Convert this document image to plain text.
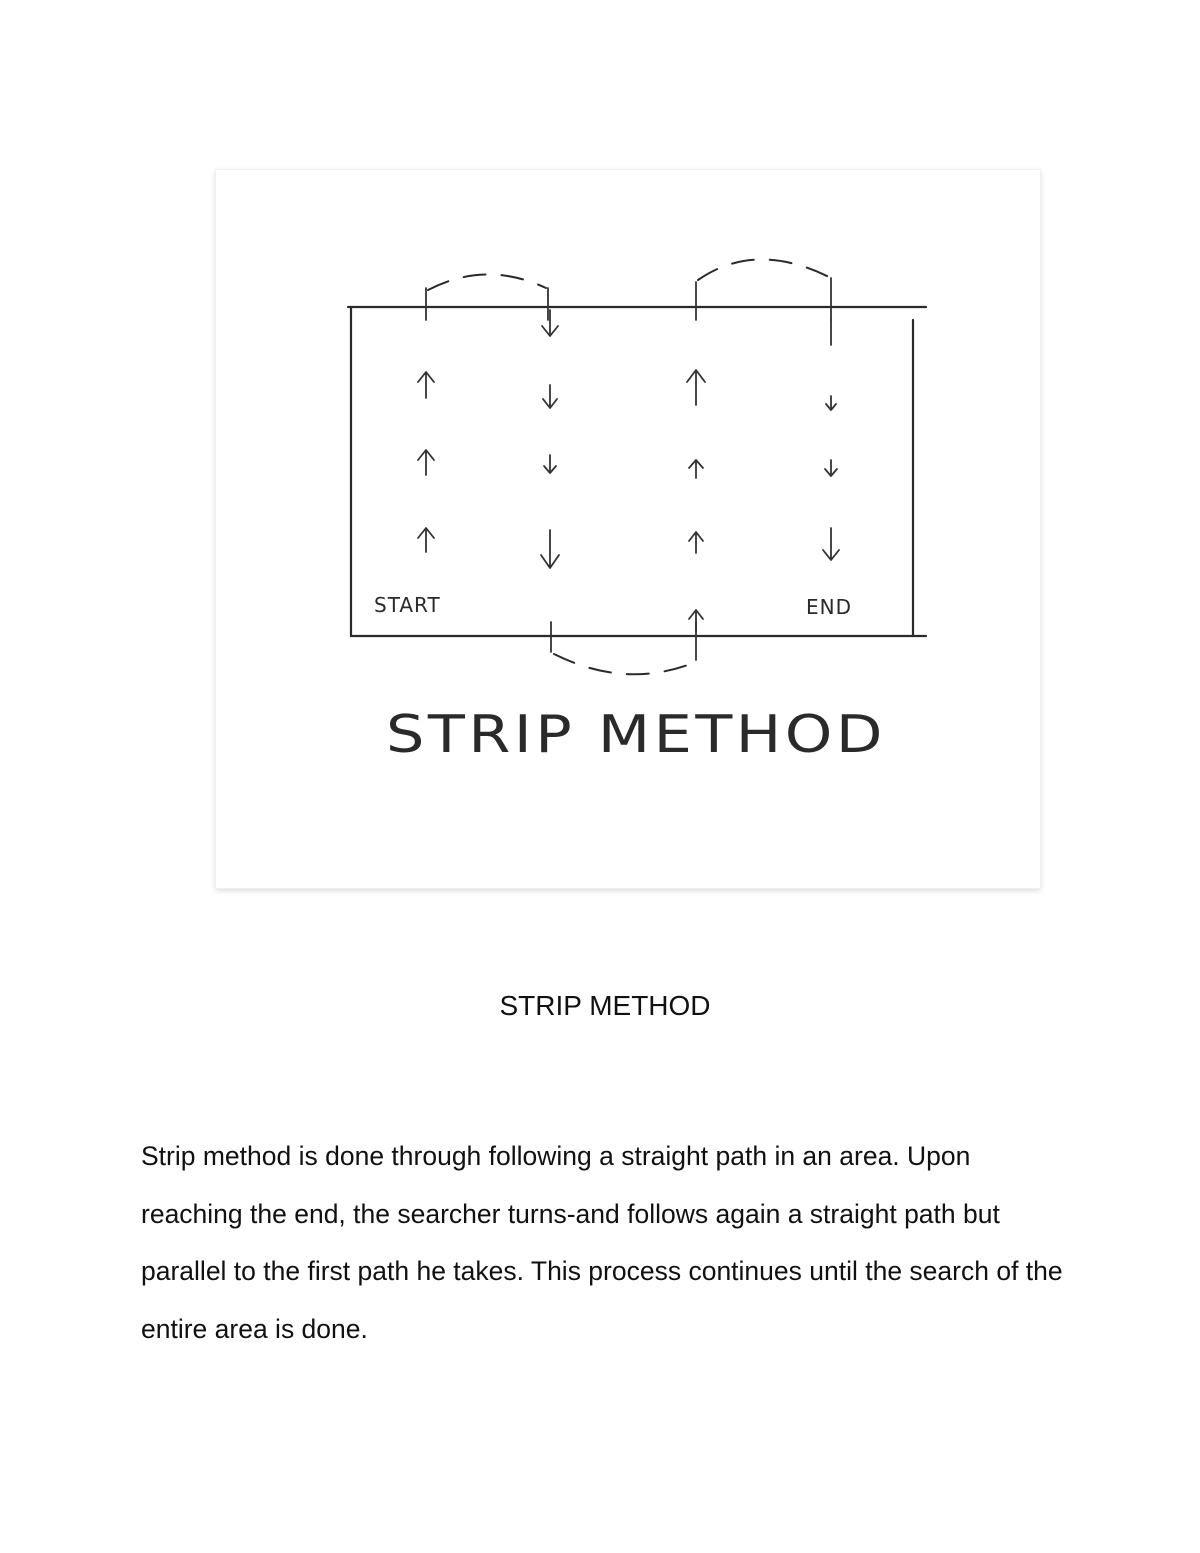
START	END
STRIP METHOD
STRIP METHOD

Strip method is done through following a straight path in an area. Upon reaching the end, the searcher turns-and follows again a straight path but parallel to the first path he takes. This process continues until the search of the entire area is done.
